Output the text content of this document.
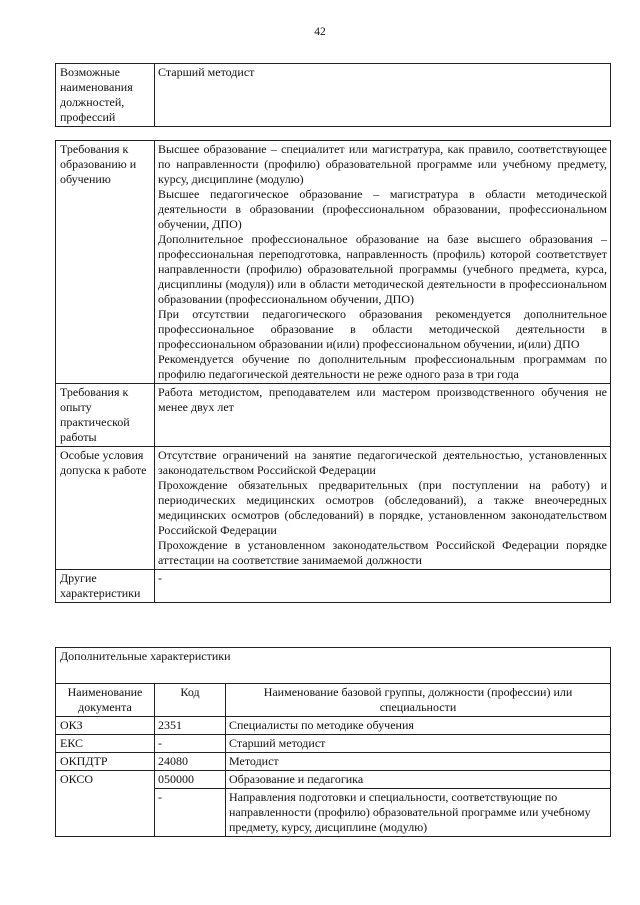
42
Возможные наименования должностей, профессий	Старший методист
Требования к образованию и обучению	Высшее образование – специалитет или магистратура, как правило, соответствующее по направленности (профилю) образовательной программе или учебному предмету, курсу, дисциплине (модулю)

Высшее педагогическое образование – магистратура в области методической деятельности в образовании (профессиональном образовании, профессиональном обучении, ДПО)

Дополнительное профессиональное образование на базе высшего образования – профессиональная переподготовка, направленность (профиль) которой соответствует направленности (профилю) образовательной программы (учебного предмета, курса, дисциплины (модуля)) или в области методической деятельности в профессиональном образовании (профессиональном обучении, ДПО)

При отсутствии педагогического образования рекомендуется дополнительное профессиональное образование в области методической деятельности в профессиональном образовании и(или) профессиональном обучении, и(или) ДПО

Рекомендуется обучение по дополнительным профессиональным программам по профилю педагогической деятельности не реже одного раза в три года

Требования к опыту практической работы	Работа методистом, преподавателем или мастером производственного обучения не менее двух лет

Особые условия допуска к работе	Отсутствие ограничений на занятие педагогической деятельностью, установленных законодательством Российской Федерации

Прохождение обязательных предварительных (при поступлении на работу) и периодических медицинских осмотров (обследований), а также внеочередных медицинских осмотров (обследований) в порядке, установленном законодательством Российской Федерации

Прохождение в установленном законодательством Российской Федерации порядке аттестации на соответствие занимаемой должности

Другие характеристики	-

Дополнительные характеристики		
Наименование документа	Код	Наименование базовой группы, должности (профессии) или специальности
ОКЗ	2351	Специалисты по методике обучения
ЕКС	-	Старший методист
ОКПДТР	24080	Методист
ОКСО	050000	Образование и педагогика
	-	Направления подготовки и специальности, соответствующие по направленности (профилю) образовательной программе или учебному предмету, курсу, дисциплине (модулю)
